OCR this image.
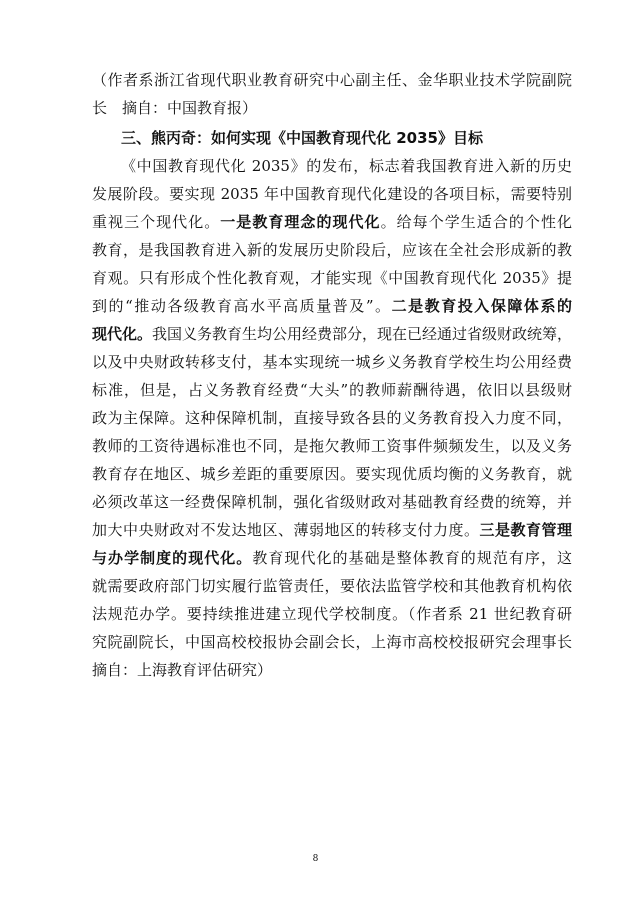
（作者系浙江省现代职业教育研究中心副主任、金华职业技术学院副院
长　摘自：中国教育报）
三、熊丙奇：如何实现《中国教育现代化 2035》目标
《中国教育现代化 2035》的发布，标志着我国教育进入新的历史
发展阶段。要实现 2035 年中国教育现代化建设的各项目标，需要特别
重视三个现代化。一是教育理念的现代化。给每个学生适合的个性化
教育，是我国教育进入新的发展历史阶段后，应该在全社会形成新的教
育观。只有形成个性化教育观，才能实现《中国教育现代化 2035》提
到的“推动各级教育高水平高质量普及”。二是教育投入保障体系的
现代化。我国义务教育生均公用经费部分，现在已经通过省级财政统筹，
以及中央财政转移支付，基本实现统一城乡义务教育学校生均公用经费
标准，但是，占义务教育经费“大头”的教师薪酬待遇，依旧以县级财
政为主保障。这种保障机制，直接导致各县的义务教育投入力度不同，
教师的工资待遇标准也不同，是拖欠教师工资事件频频发生，以及义务
教育存在地区、城乡差距的重要原因。要实现优质均衡的义务教育，就
必须改革这一经费保障机制，强化省级财政对基础教育经费的统筹，并
加大中央财政对不发达地区、薄弱地区的转移支付力度。三是教育管理
与办学制度的现代化。教育现代化的基础是整体教育的规范有序，这
就需要政府部门切实履行监管责任，要依法监管学校和其他教育机构依
法规范办学。要持续推进建立现代学校制度。（作者系 21 世纪教育研
究院副院长，中国高校校报协会副会长，上海市高校校报研究会理事长
摘自：上海教育评估研究）
8
